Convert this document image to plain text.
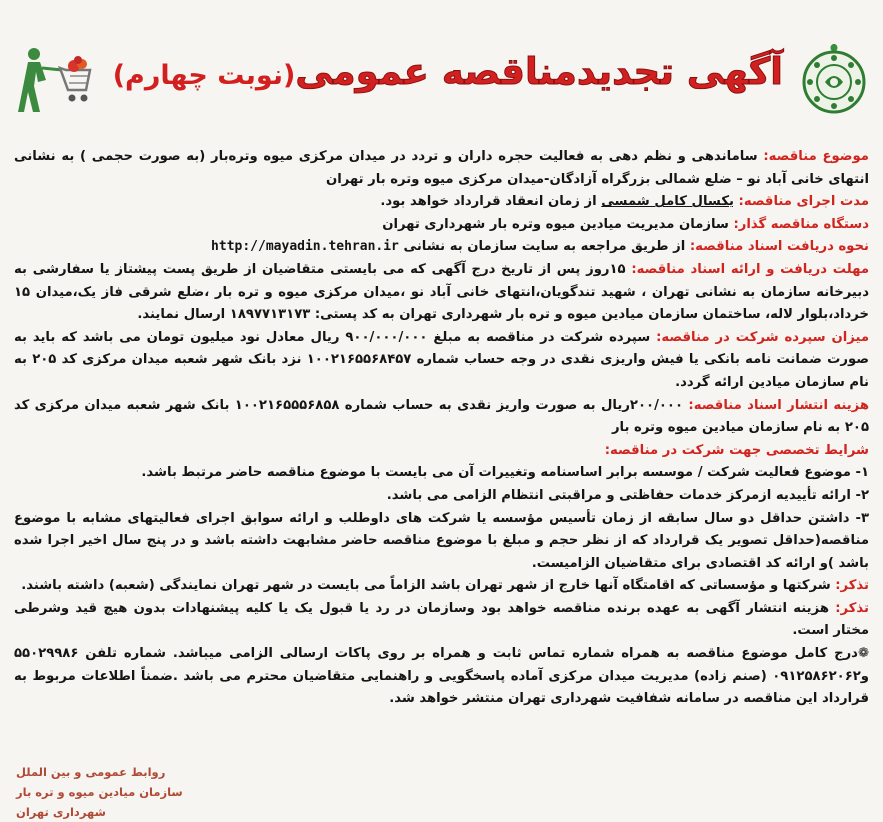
آگهی تجدیدمناقصه عمومی(نوبت چهارم)

موضوع مناقصه: ساماندهی و نظم دهی به فعالیت حجره داران و تردد در میدان مرکزی میوه وتره‌بار (به صورت حجمی ) به نشانی انتهای خانی آباد نو – ضلع شمالی بزرگراه آزادگان-میدان مرکزی میوه وتره بار تهران

مدت اجرای مناقصه: یکسال کامل شمسی از زمان انعقاد قرارداد خواهد بود.

دستگاه مناقصه گذار: سازمان مدیریت میادین میوه وتره بار شهرداری تهران

نحوه دریافت اسناد مناقصه: از طریق مراجعه به سایت سازمان به نشانی http://mayadin.tehran.ir

مهلت دریافت و ارائه اسناد مناقصه: ۱۵روز پس از تاریخ درج آگهی که می بایستی متقاضیان از طریق پست پیشتاز یا سفارشی به دبیرخانه سازمان به نشانی تهران ، شهید تندگویان،انتهای خانی آباد نو ،میدان مرکزی میوه و تره بار ،ضلع شرقی فاز یک،میدان ۱۵ خرداد،بلوار لاله، ساختمان سازمان میادین میوه و تره بار شهرداری تهران به کد پستی: ۱۸۹۷۷۱۳۱۷۳ ارسال نمایند.

میزان سپرده شرکت در مناقصه: سپرده شرکت در مناقصه به مبلغ ۹۰۰/۰۰۰/۰۰۰ ریال معادل نود میلیون تومان می باشد که باید به صورت ضمانت نامه بانکی یا فیش واریزی نقدی در وجه حساب شماره ۱۰۰۲۱۶۵۵۶۸۴۵۷ نزد بانک شهر شعبه میدان مرکزی کد ۲۰۵ به نام سازمان میادین ارائه گردد.

هزینه انتشار اسناد مناقصه: ۲۰۰/۰۰۰ریال به صورت واریز نقدی به حساب شماره ۱۰۰۲۱۶۵۵۵۶۸۵۸ بانک شهر شعبه میدان مرکزی کد ۲۰۵ به نام سازمان میادین میوه وتره بار

شرایط تخصصی جهت شرکت در مناقصه:

۱- موضوع فعالیت شرکت / موسسه برابر اساسنامه وتغییرات آن می بایست با موضوع مناقصه حاضر مرتبط باشد.

۲- ارائه تأییدیه ازمرکز خدمات حفاظتی و مراقبتی انتظام الزامی می باشد.

۳- داشتن حداقل دو سال سابقه از زمان تأسیس مؤسسه یا شرکت های داوطلب و ارائه سوابق اجرای فعالیتهای مشابه با موضوع مناقصه(حداقل تصویر یک قرارداد که از نظر حجم و مبلغ با موضوع مناقصه حاضر مشابهت داشته باشد و در پنج سال اخیر اجرا شده باشد )و ارائه کد اقتصادی برای متقاضیان الزامیست.

تذکر: شرکتها و مؤسساتی که اقامتگاه آنها خارج از شهر تهران باشد الزاماً می بایست در شهر تهران نمایندگی (شعبه) داشته باشند.

تذکر: هزینه انتشار آگهی به عهده برنده مناقصه خواهد بود وسازمان در رد یا قبول یک یا کلیه پیشنهادات بدون هیچ قید وشرطی مختار است.

❁درج کامل موضوع مناقصه به همراه شماره تماس ثابت و همراه بر روی پاکات ارسالی الزامی میباشد. شماره تلفن ۵۵۰۲۹۹۸۶ و۰۹۱۲۵۸۶۲۰۶۲ (صنم زاده) مدیریت میدان مرکزی آماده پاسخگویی و راهنمایی متقاضیان محترم می باشد .ضمناً اطلاعات مربوط به قرارداد این مناقصه در سامانه شفافیت شهرداری تهران منتشر خواهد شد.

روابط عمومی و بین الملل
سازمان میادین میوه و تره بار شهرداری تهران
